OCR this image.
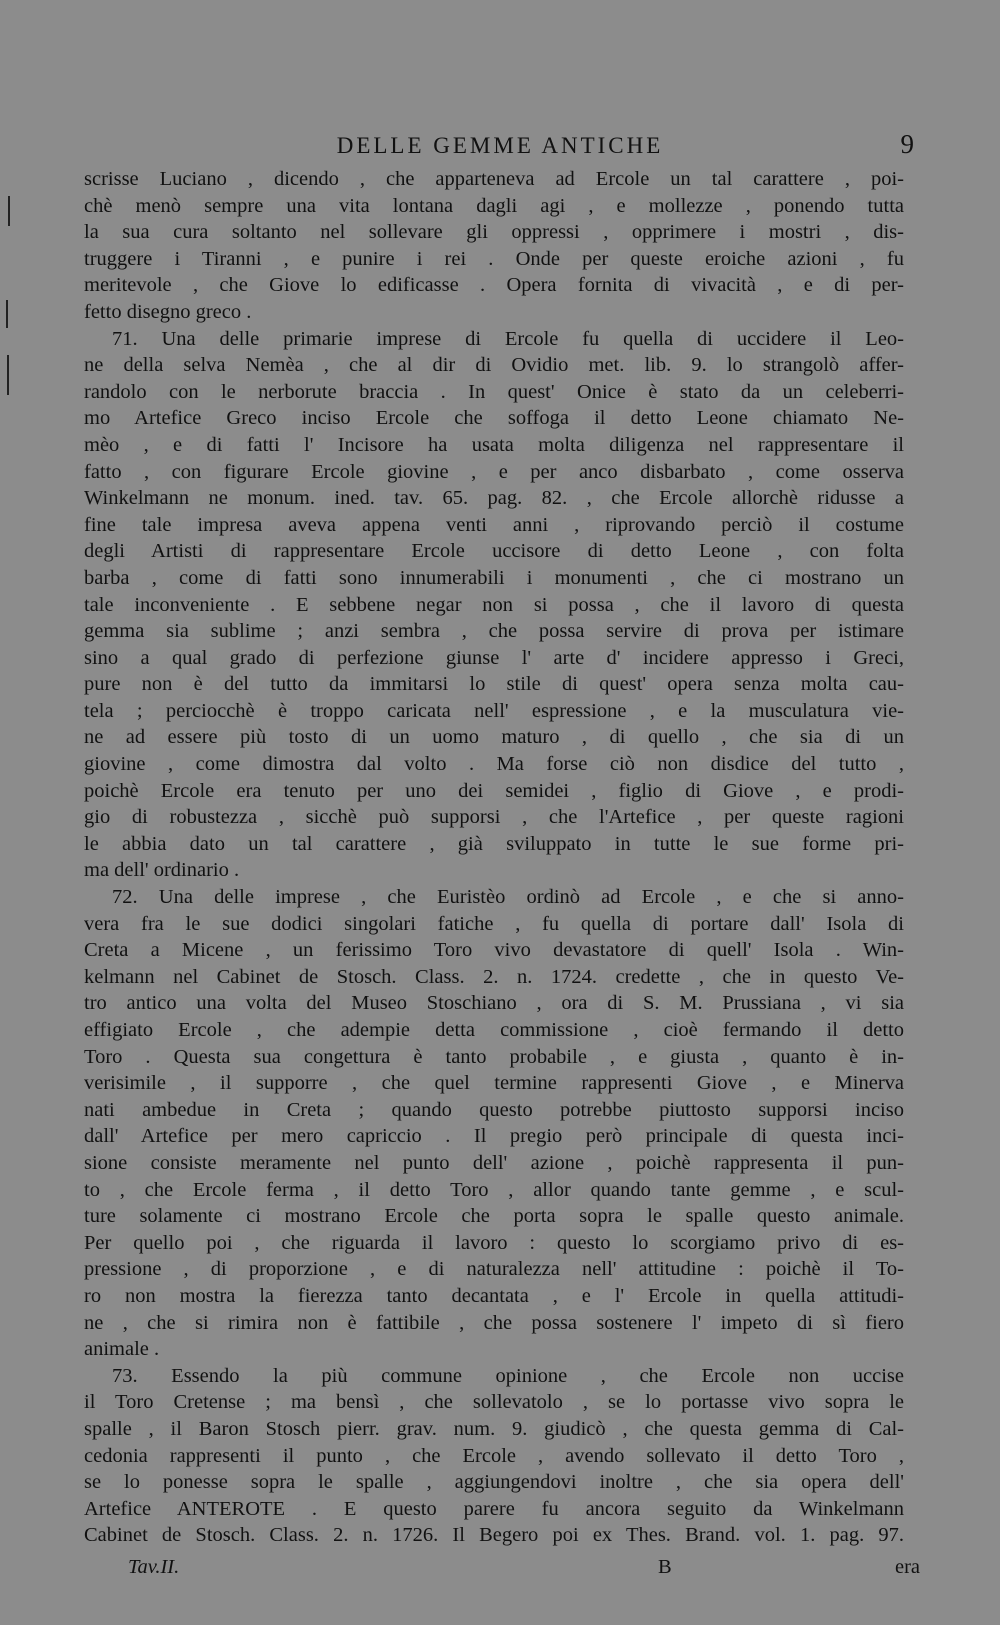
DELLE GEMME ANTICHE	9
scrisse Luciano , dicendo , che apparteneva ad Ercole un tal carattere , poi-
chè menò sempre una vita lontana dagli agi , e mollezze , ponendo tutta
la sua cura soltanto nel sollevare gli oppressi , opprimere i mostri , dis-
truggere i Tiranni , e punire i rei . Onde per queste eroiche azioni , fu
meritevole , che Giove lo edificasse . Opera fornita di vivacità , e di per-
fetto disegno greco .
71. Una delle primarie imprese di Ercole fu quella di uccidere il Leo-
ne della selva Nemèa , che al dir di Ovidio met. lib. 9. lo strangolò affer-
randolo con le nerborute braccia . In quest' Onice è stato da un celeberri-
mo Artefice Greco inciso Ercole che soffoga il detto Leone chiamato Ne-
mèo , e di fatti l' Incisore ha usata molta diligenza nel rappresentare il
fatto , con figurare Ercole giovine , e per anco disbarbato , come osserva
Winkelmann ne monum. ined. tav. 65. pag. 82. , che Ercole allorchè ridusse a
fine tale impresa aveva appena venti anni , riprovando perciò il costume
degli Artisti di rappresentare Ercole uccisore di detto Leone , con folta
barba , come di fatti sono innumerabili i monumenti , che ci mostrano un
tale inconveniente . E sebbene negar non si possa , che il lavoro di questa
gemma sia sublime ; anzi sembra , che possa servire di prova per istimare
sino a qual grado di perfezione giunse l' arte d' incidere appresso i Greci,
pure non è del tutto da immitarsi lo stile di quest' opera senza molta cau-
tela ; perciocchè è troppo caricata nell' espressione , e la musculatura vie-
ne ad essere più tosto di un uomo maturo , di quello , che sia di un
giovine , come dimostra dal volto . Ma forse ciò non disdice del tutto ,
poichè Ercole era tenuto per uno dei semidei , figlio di Giove , e prodi-
gio di robustezza , sicchè può supporsi , che l'Artefice , per queste ragioni
le abbia dato un tal carattere , già sviluppato in tutte le sue forme pri-
ma dell' ordinario .
72. Una delle imprese , che Euristèo ordinò ad Ercole , e che si anno-
vera fra le sue dodici singolari fatiche , fu quella di portare dall' Isola di
Creta a Micene , un ferissimo Toro vivo devastatore di quell' Isola . Win-
kelmann nel Cabinet de Stosch. Class. 2. n. 1724. credette , che in questo Ve-
tro antico una volta del Museo Stoschiano , ora di S. M. Prussiana , vi sia
effigiato Ercole , che adempie detta commissione , cioè fermando il detto
Toro . Questa sua congettura è tanto probabile , e giusta , quanto è in-
verisimile , il supporre , che quel termine rappresenti Giove , e Minerva
nati ambedue in Creta ; quando questo potrebbe piuttosto supporsi inciso
dall' Artefice per mero capriccio . Il pregio però principale di questa inci-
sione consiste meramente nel punto dell' azione , poichè rappresenta il pun-
to , che Ercole ferma , il detto Toro , allor quando tante gemme , e scul-
ture solamente ci mostrano Ercole che porta sopra le spalle questo animale.
Per quello poi , che riguarda il lavoro : questo lo scorgiamo privo di es-
pressione , di proporzione , e di naturalezza nell' attitudine : poichè il To-
ro non mostra la fierezza tanto decantata , e l' Ercole in quella attitudi-
ne , che si rimira non è fattibile , che possa sostenere l' impeto di sì fiero
animale .
73. Essendo la più commune opinione , che Ercole non uccise
il Toro Cretense ; ma bensì , che sollevatolo , se lo portasse vivo sopra le
spalle , il Baron Stosch pierr. grav. num. 9. giudicò , che questa gemma di Cal-
cedonia rappresenti il punto , che Ercole , avendo sollevato il detto Toro ,
se lo ponesse sopra le spalle , aggiungendovi inoltre , che sia opera dell'
Artefice ANTEROTE . E questo parere fu ancora seguito da Winkelmann
Cabinet de Stosch. Class. 2. n. 1726. Il Begero poi ex Thes. Brand. vol. 1. pag. 97.
Tav.II.	B	era
